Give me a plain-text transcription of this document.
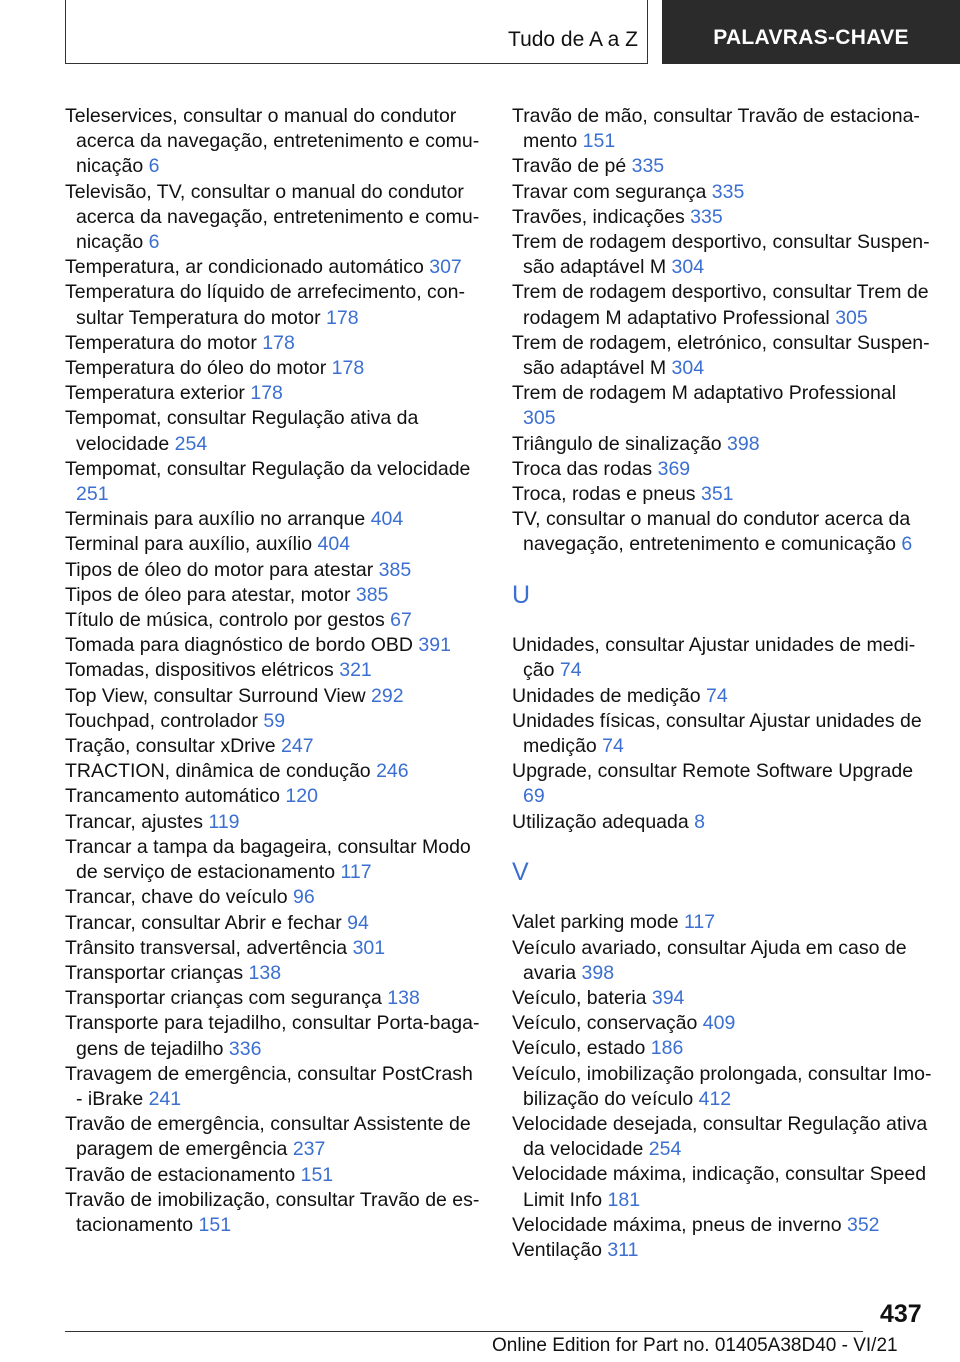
Tudo de A a Z	PALAVRAS-CHAVE
Teleservices, consultar o manual do condutor acerca da navegação, entretenimento e comunicação 6
Televisão, TV, consultar o manual do condutor acerca da navegação, entretenimento e comunicação 6
Temperatura, ar condicionado automático 307
Temperatura do líquido de arrefecimento, consultar Temperatura do motor 178
Temperatura do motor 178
Temperatura do óleo do motor 178
Temperatura exterior 178
Tempomat, consultar Regulação ativa da velocidade 254
Tempomat, consultar Regulação da velocidade 251
Terminais para auxílio no arranque 404
Terminal para auxílio, auxílio 404
Tipos de óleo do motor para atestar 385
Tipos de óleo para atestar, motor 385
Título de música, controlo por gestos 67
Tomada para diagnóstico de bordo OBD 391
Tomadas, dispositivos elétricos 321
Top View, consultar Surround View 292
Touchpad, controlador 59
Tração, consultar xDrive 247
TRACTION, dinâmica de condução 246
Trancamento automático 120
Trancar, ajustes 119
Trancar a tampa da bagageira, consultar Modo de serviço de estacionamento 117
Trancar, chave do veículo 96
Trancar, consultar Abrir e fechar 94
Trânsito transversal, advertência 301
Transportar crianças 138
Transportar crianças com segurança 138
Transporte para tejadilho, consultar Porta-bagagens de tejadilho 336
Travagem de emergência, consultar PostCrash - iBrake 241
Travão de emergência, consultar Assistente de paragem de emergência 237
Travão de estacionamento 151
Travão de imobilização, consultar Travão de estacionamento 151
Travão de mão, consultar Travão de estacionamento 151
Travão de pé 335
Travar com segurança 335
Travões, indicações 335
Trem de rodagem desportivo, consultar Suspensão adaptável M 304
Trem de rodagem desportivo, consultar Trem de rodagem M adaptativo Professional 305
Trem de rodagem, eletrónico, consultar Suspensão adaptável M 304
Trem de rodagem M adaptativo Professional 305
Triângulo de sinalização 398
Troca das rodas 369
Troca, rodas e pneus 351
TV, consultar o manual do condutor acerca da navegação, entretenimento e comunicação 6
U
Unidades, consultar Ajustar unidades de medição 74
Unidades de medição 74
Unidades físicas, consultar Ajustar unidades de medição 74
Upgrade, consultar Remote Software Upgrade 69
Utilização adequada 8
V
Valet parking mode 117
Veículo avariado, consultar Ajuda em caso de avaria 398
Veículo, bateria 394
Veículo, conservação 409
Veículo, estado 186
Veículo, imobilização prolongada, consultar Imobilização do veículo 412
Velocidade desejada, consultar Regulação ativa da velocidade 254
Velocidade máxima, indicação, consultar Speed Limit Info 181
Velocidade máxima, pneus de inverno 352
Ventilação 311
437
Online Edition for Part no. 01405A38D40 - VI/21
